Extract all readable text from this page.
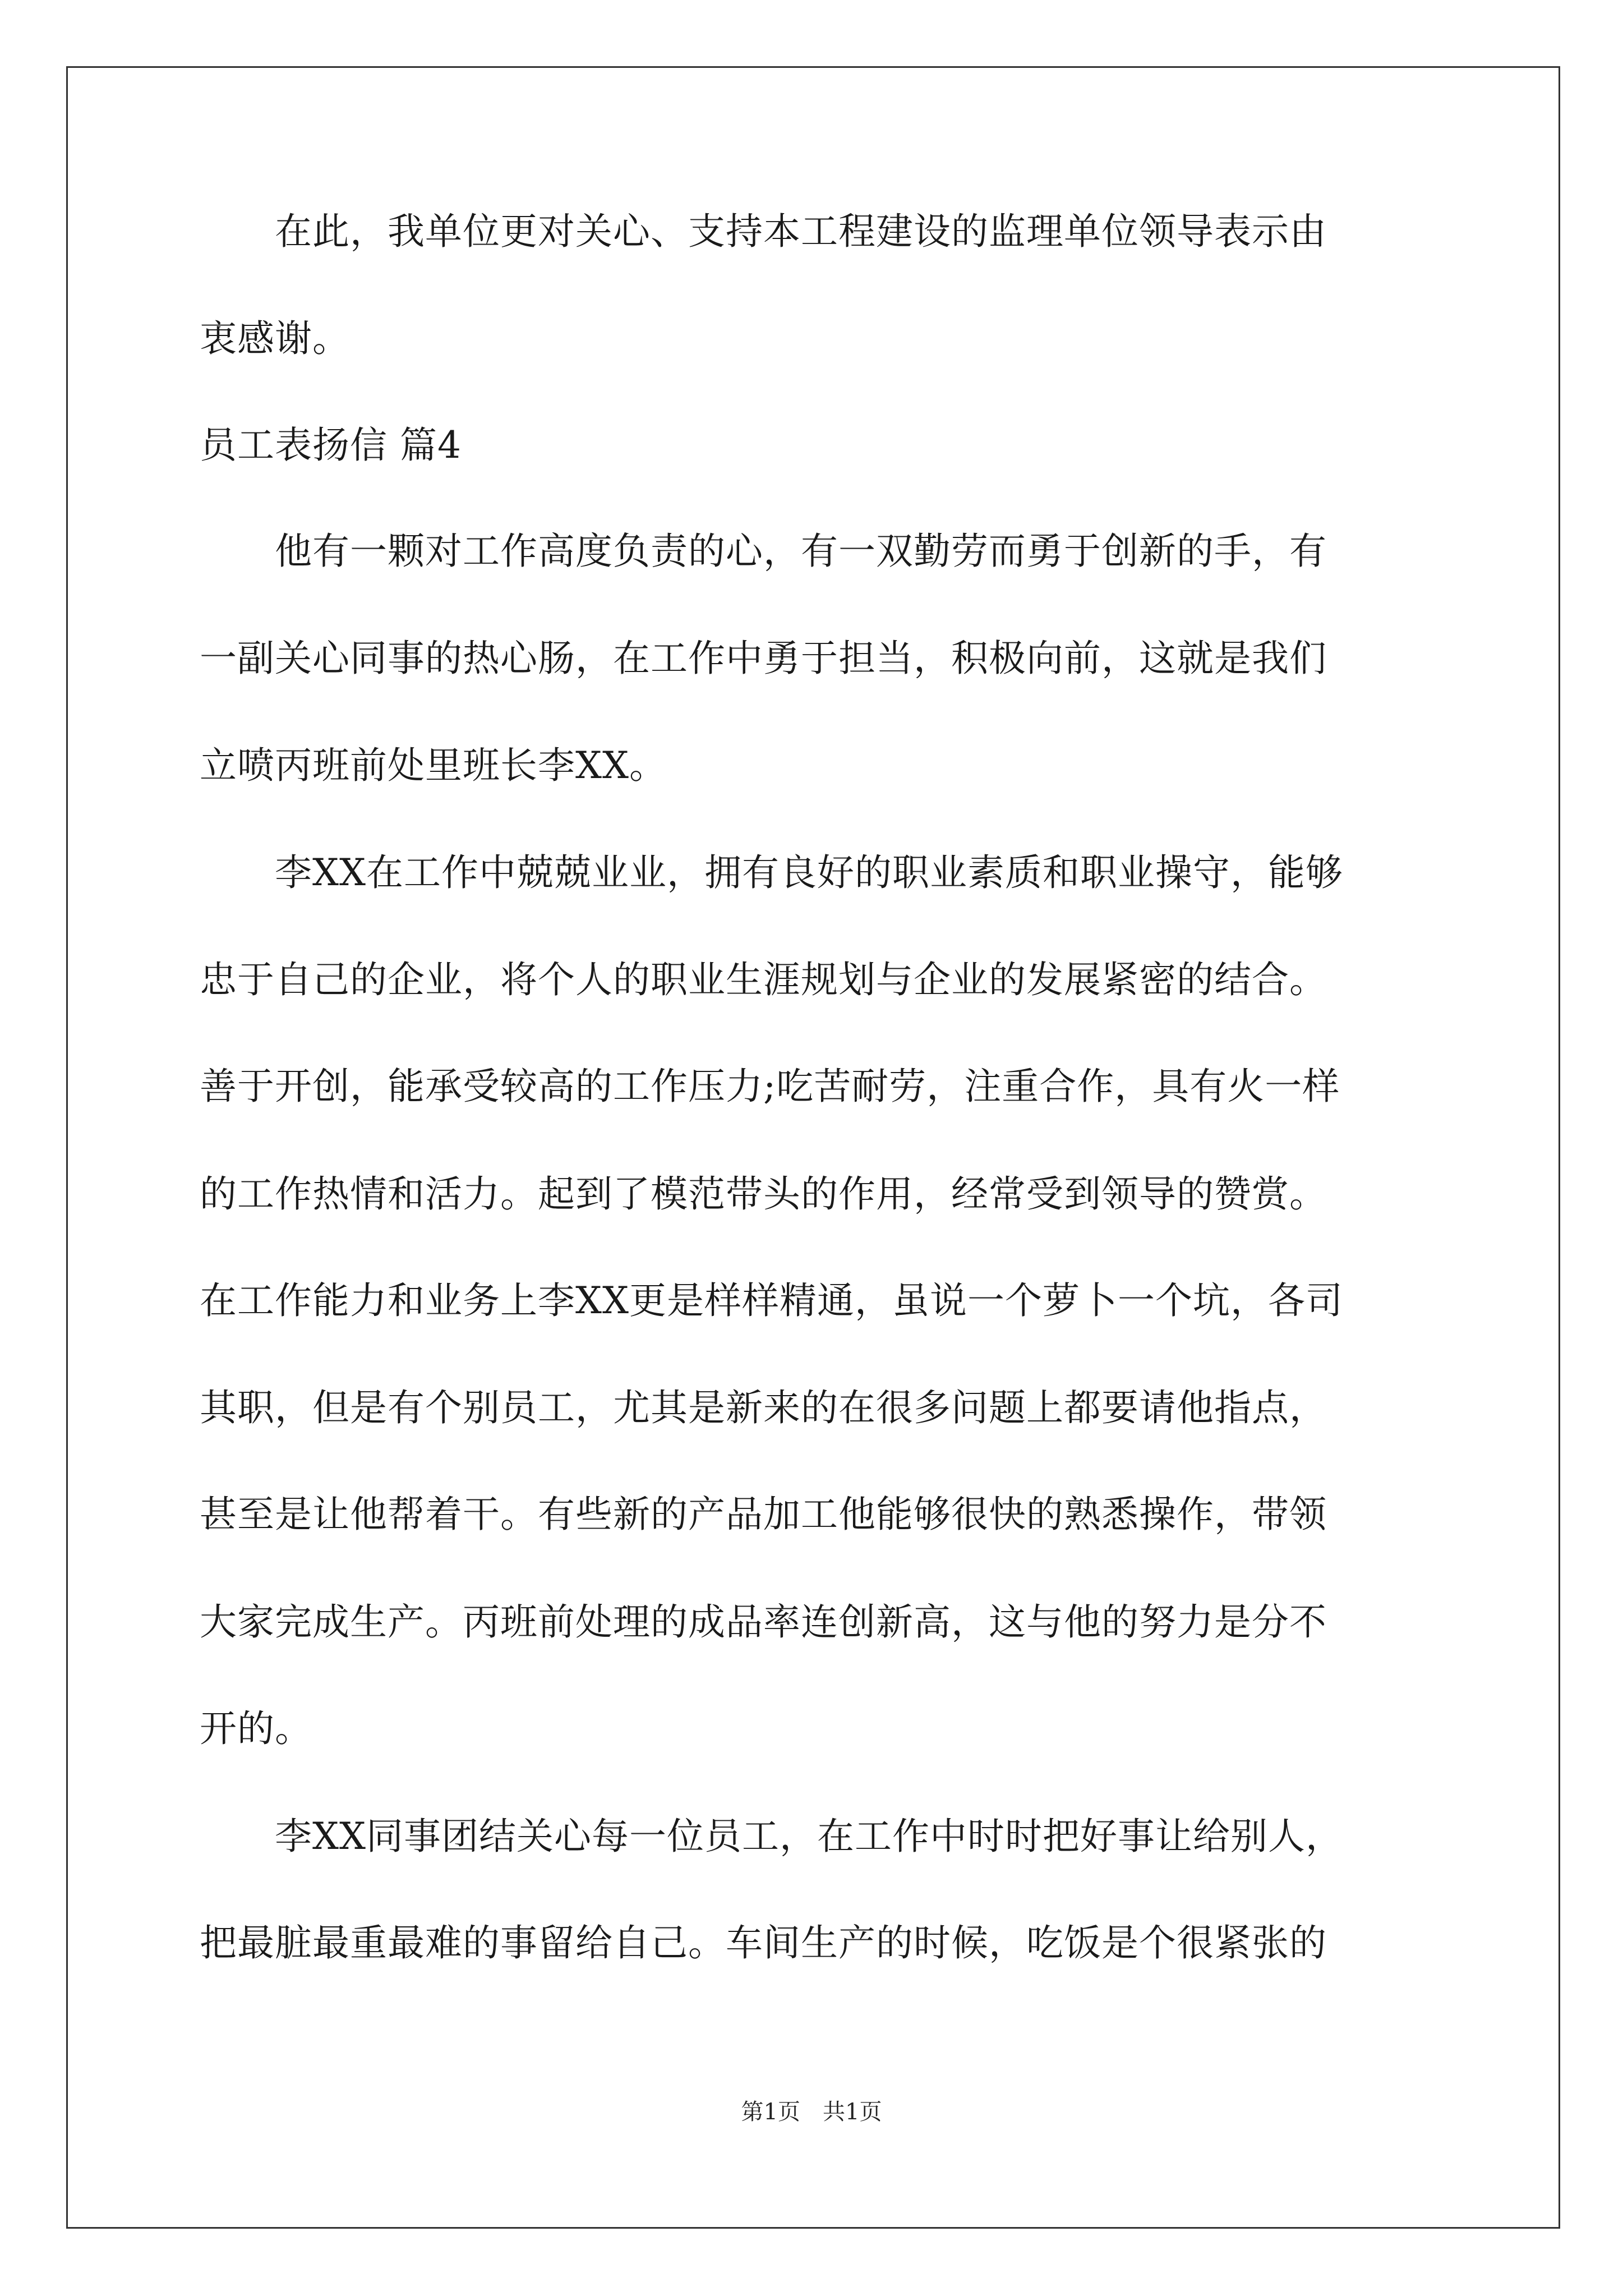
　　在此，我单位更对关心、支持本工程建设的监理单位领导表示由
衷感谢。
员工表扬信 篇4
　　他有一颗对工作高度负责的心，有一双勤劳而勇于创新的手，有
一副关心同事的热心肠，在工作中勇于担当，积极向前，这就是我们
立喷丙班前处里班长李XX。
　　李XX在工作中兢兢业业，拥有良好的职业素质和职业操守，能够
忠于自己的企业，将个人的职业生涯规划与企业的发展紧密的结合。
善于开创，能承受较高的工作压力;吃苦耐劳，注重合作，具有火一样
的工作热情和活力。起到了模范带头的作用，经常受到领导的赞赏。
在工作能力和业务上李XX更是样样精通，虽说一个萝卜一个坑，各司
其职，但是有个别员工，尤其是新来的在很多问题上都要请他指点，
甚至是让他帮着干。有些新的产品加工他能够很快的熟悉操作，带领
大家完成生产。丙班前处理的成品率连创新高，这与他的努力是分不
开的。
　　李XX同事团结关心每一位员工，在工作中时时把好事让给别人，
把最脏最重最难的事留给自己。车间生产的时候，吃饭是个很紧张的
第1页　共1页
